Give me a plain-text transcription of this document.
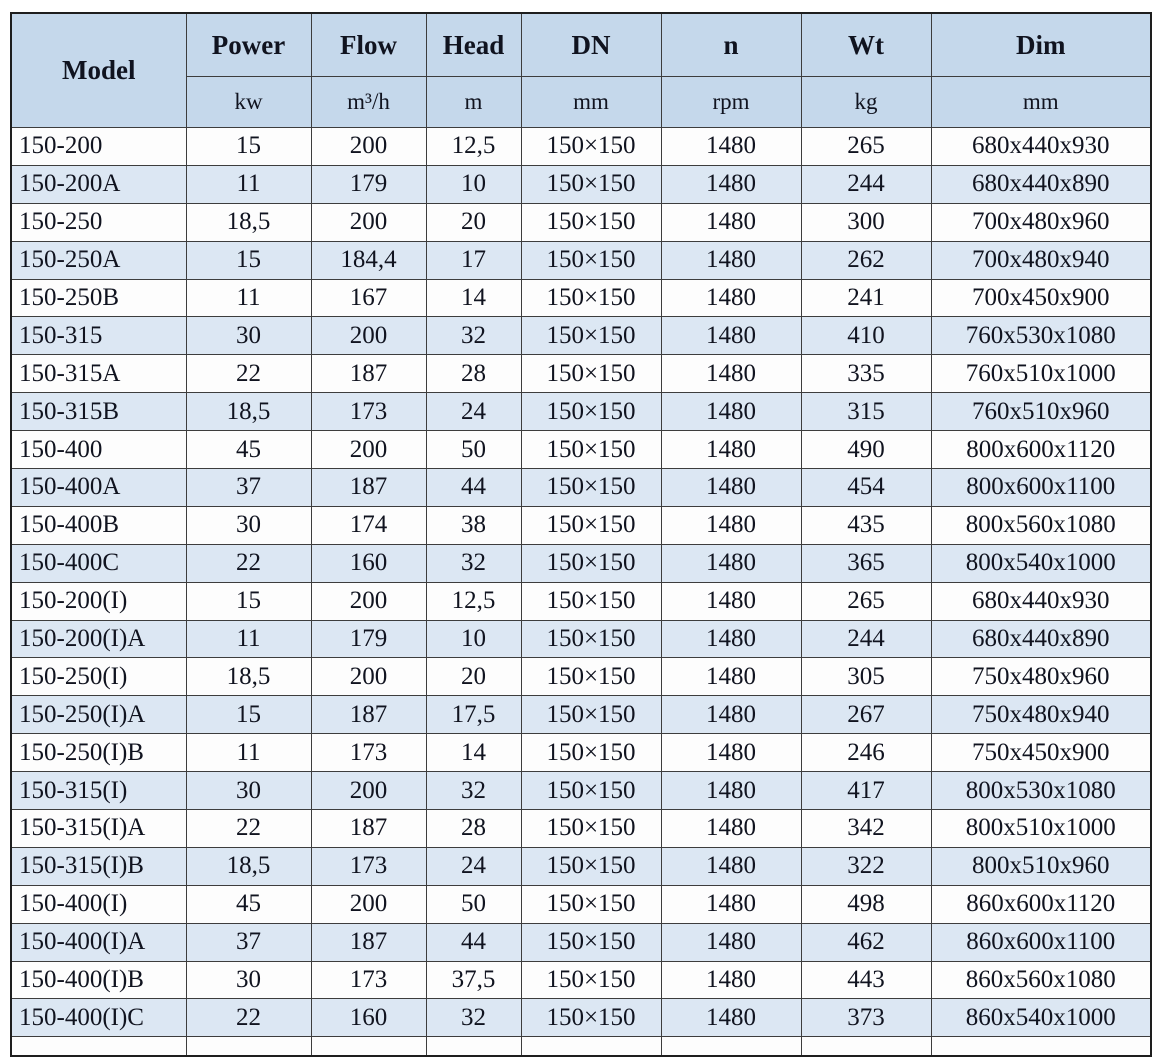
Model	Power	Flow	Head	DN	n	Wt	Dim
	kw	m³/h	m	mm	rpm	kg	mm
150-200	15	200	12,5	150×150	1480	265	680x440x930
150-200A	11	179	10	150×150	1480	244	680x440x890
150-250	18,5	200	20	150×150	1480	300	700x480x960
150-250A	15	184,4	17	150×150	1480	262	700x480x940
150-250B	11	167	14	150×150	1480	241	700x450x900
150-315	30	200	32	150×150	1480	410	760x530x1080
150-315A	22	187	28	150×150	1480	335	760x510x1000
150-315B	18,5	173	24	150×150	1480	315	760x510x960
150-400	45	200	50	150×150	1480	490	800x600x1120
150-400A	37	187	44	150×150	1480	454	800x600x1100
150-400B	30	174	38	150×150	1480	435	800x560x1080
150-400C	22	160	32	150×150	1480	365	800x540x1000
150-200(I)	15	200	12,5	150×150	1480	265	680x440x930
150-200(I)A	11	179	10	150×150	1480	244	680x440x890
150-250(I)	18,5	200	20	150×150	1480	305	750x480x960
150-250(I)A	15	187	17,5	150×150	1480	267	750x480x940
150-250(I)B	11	173	14	150×150	1480	246	750x450x900
150-315(I)	30	200	32	150×150	1480	417	800x530x1080
150-315(I)A	22	187	28	150×150	1480	342	800x510x1000
150-315(I)B	18,5	173	24	150×150	1480	322	800x510x960
150-400(I)	45	200	50	150×150	1480	498	860x600x1120
150-400(I)A	37	187	44	150×150	1480	462	860x600x1100
150-400(I)B	30	173	37,5	150×150	1480	443	860x560x1080
150-400(I)C	22	160	32	150×150	1480	373	860x540x1000
